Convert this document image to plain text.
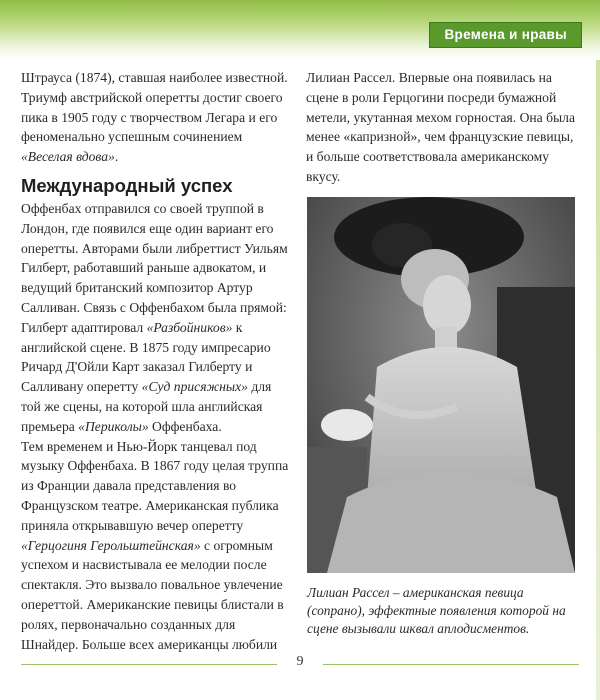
Времена и нравы

Штрауса (1874), ставшая наиболее известной. Триумф австрийской оперетты достиг своего пика в 1905 году с творчеством Легара и его феноменально успешным сочинением «Веселая вдова».

Международный успех

Оффенбах отправился со своей труппой в Лондон, где появился еще один вариант его оперетты. Авторами были либреттист Уильям Гилберт, работавший раньше адвокатом, и ведущий британский композитор Артур Салливан. Связь с Оффенбахом была прямой: Гилберт адаптировал «Разбойников» к английской сцене. В 1875 году импресарио Ричард Д'Ойли Карт заказал Гилберту и Салливану оперетту «Суд присяжных» для той же сцены, на которой шла английская премьера «Периколы» Оффенбаха.

Тем временем и Нью-Йорк танцевал под музыку Оффенбаха. В 1867 году целая труппа из Франции давала представления во Французском театре. Американская публика приняла открывавшую вечер оперетту «Герцогиня Герольштейнская» с огромным успехом и насвистывала ее мелодии после спектакля. Это вызвало повальное увлечение опереттой. Американские певицы блистали в ролях, первоначально созданных для Шнайдер. Больше всех американцы любили

Лилиан Рассел. Впервые она появилась на сцене в роли Герцогини посреди бумажной метели, укутанная мехом горностая. Она была менее «капризной», чем французские певицы, и больше соответствовала американскому вкусу.

Лилиан Рассел – американская певица (сопрано), эффектные появления которой на сцене вызывали шквал аплодисментов.
9
